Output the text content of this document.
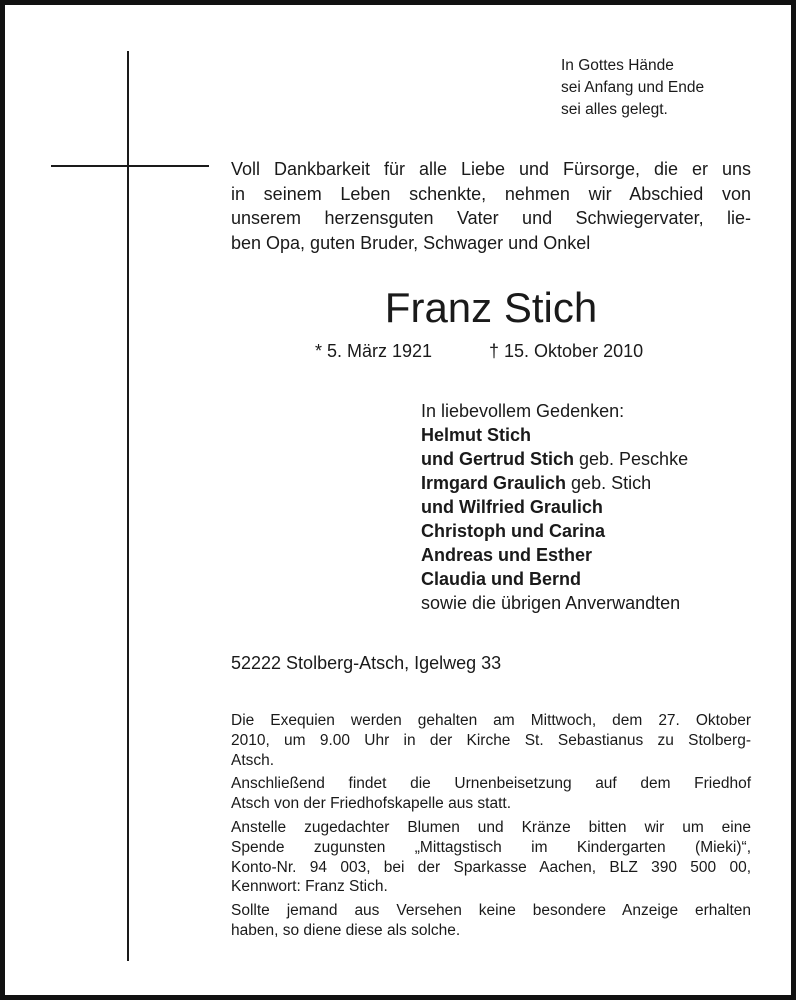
In Gottes Hände
sei Anfang und Ende
sei alles gelegt.
Voll Dankbarkeit für alle Liebe und Fürsorge, die er uns
in seinem Leben schenkte, nehmen wir Abschied von
unserem herzensguten Vater und Schwiegervater, lie-
ben Opa, guten Bruder, Schwager und Onkel
Franz Stich
* 5. März 1921	† 15. Oktober 2010
In liebevollem Gedenken:
Helmut Stich
und Gertrud Stich geb. Peschke
Irmgard Graulich geb. Stich
und Wilfried Graulich
Christoph und Carina
Andreas und Esther
Claudia und Bernd
sowie die übrigen Anverwandten
52222 Stolberg-Atsch, Igelweg 33
Die Exequien werden gehalten am Mittwoch, dem 27. Oktober
2010, um 9.00 Uhr in der Kirche St. Sebastianus zu Stolberg-
Atsch.
Anschließend findet die Urnenbeisetzung auf dem Friedhof
Atsch von der Friedhofskapelle aus statt.
Anstelle zugedachter Blumen und Kränze bitten wir um eine
Spende zugunsten „Mittagstisch im Kindergarten (Mieki)“,
Konto-Nr. 94 003, bei der Sparkasse Aachen, BLZ 390 500 00,
Kennwort: Franz Stich.
Sollte jemand aus Versehen keine besondere Anzeige erhalten
haben, so diene diese als solche.
